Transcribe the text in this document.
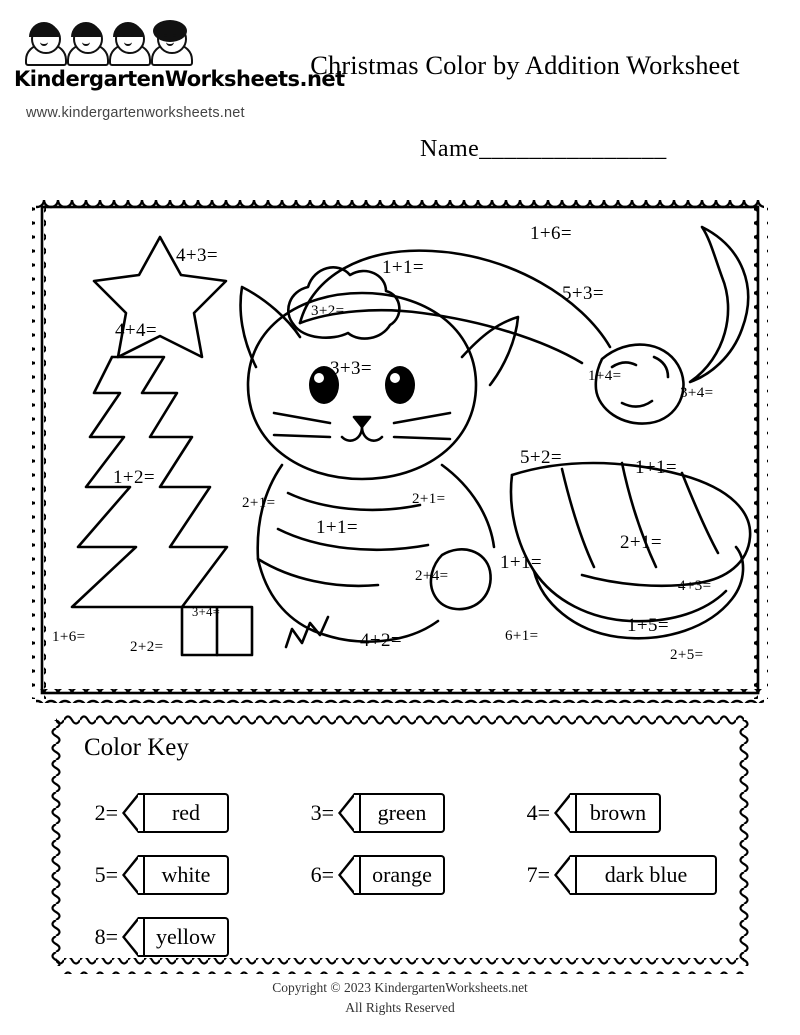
KindergartenWorksheets.net
www.kindergartenworksheets.net
Christmas Color by Addition Worksheet
Name_______________
4+3=
1+6=
1+1=
5+3=
3+2=
4+4=
3+3=	1+4=
3+4=
5+2=	1+1=
1+2=
2+1=	2+1=
1+1=
2+1=
1+1=
2+4=
4+3=
3+4=
1+5=
4+2=	6+1=
1+6=
2+2=	2+5=
Color Key
2=	red	3=	green	4=	brown
5=	white	6=	orange	7=	dark blue
8=	yellow
Copyright © 2023 KindergartenWorksheets.net
All Rights Reserved
